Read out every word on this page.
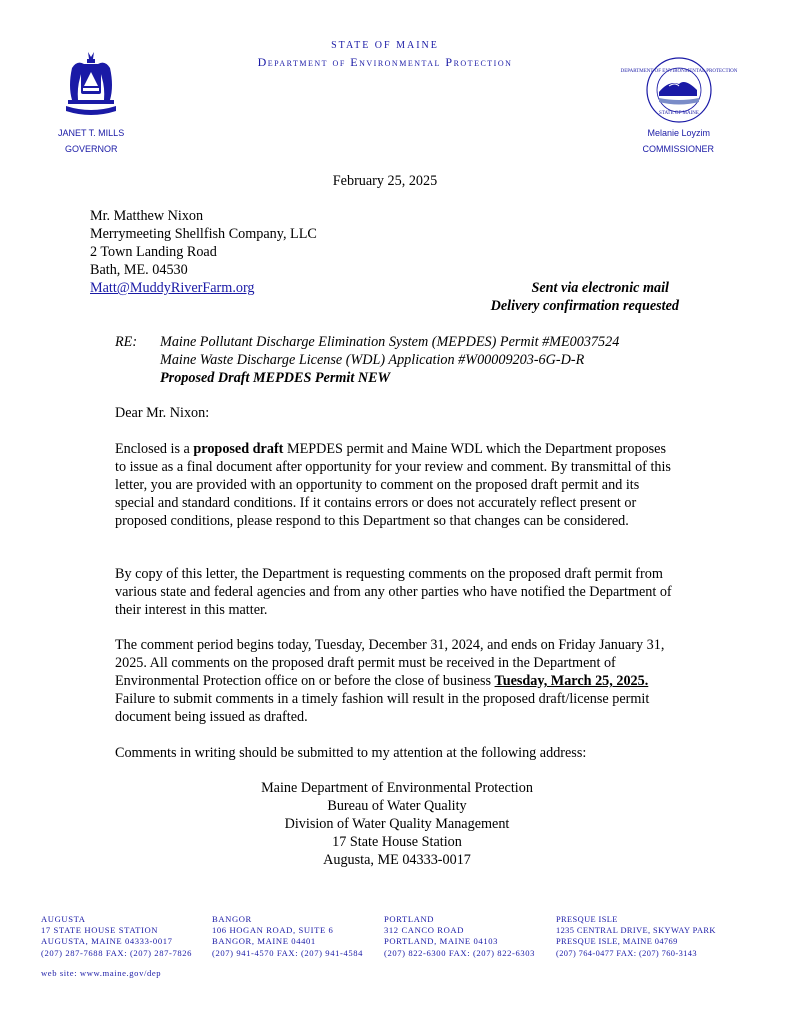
STATE OF MAINE
Department of Environmental Protection
DEPARTMENT OF ENVIRONMENTAL PROTECTION
STATE OF MAINE
JANET T. MILLS
GOVERNOR
Melanie Loyzim
COMMISSIONER
February 25, 2025
Mr. Matthew Nixon
Merrymeeting Shellfish Company, LLC
2 Town Landing Road
Bath, ME. 04530
Matt@MuddyRiverFarm.org	Sent via electronic mail
Delivery confirmation requested
RE: Maine Pollutant Discharge Elimination System (MEPDES) Permit #ME0037524
Maine Waste Discharge License (WDL) Application #W00009203-6G-D-R
Proposed Draft MEPDES Permit NEW
Dear Mr. Nixon:

Enclosed is a proposed draft MEPDES permit and Maine WDL which the Department proposes to issue as a final document after opportunity for your review and comment. By transmittal of this letter, you are provided with an opportunity to comment on the proposed draft permit and its special and standard conditions. If it contains errors or does not accurately reflect present or proposed conditions, please respond to this Department so that changes can be considered.

By copy of this letter, the Department is requesting comments on the proposed draft permit from various state and federal agencies and from any other parties who have notified the Department of their interest in this matter.

The comment period begins today, Tuesday, December 31, 2024, and ends on Friday January 31, 2025. All comments on the proposed draft permit must be received in the Department of Environmental Protection office on or before the close of business Tuesday, March 25, 2025. Failure to submit comments in a timely fashion will result in the proposed draft/license permit document being issued as drafted.

Comments in writing should be submitted to my attention at the following address:

Maine Department of Environmental Protection
Bureau of Water Quality
Division of Water Quality Management
17 State House Station
Augusta, ME 04333-0017
AUGUSTA
17 STATE HOUSE STATION
AUGUSTA, MAINE 04333-0017
(207) 287-7688 FAX: (207) 287-7826
BANGOR
106 HOGAN ROAD, SUITE 6
BANGOR, MAINE 04401
(207) 941-4570 FAX: (207) 941-4584
PORTLAND
312 CANCO ROAD
PORTLAND, MAINE 04103
(207) 822-6300 FAX: (207) 822-6303
PRESQUE ISLE
1235 CENTRAL DRIVE, SKYWAY PARK
PRESQUE ISLE, MAINE 04769
(207) 764-0477 FAX: (207) 760-3143
web site: www.maine.gov/dep
